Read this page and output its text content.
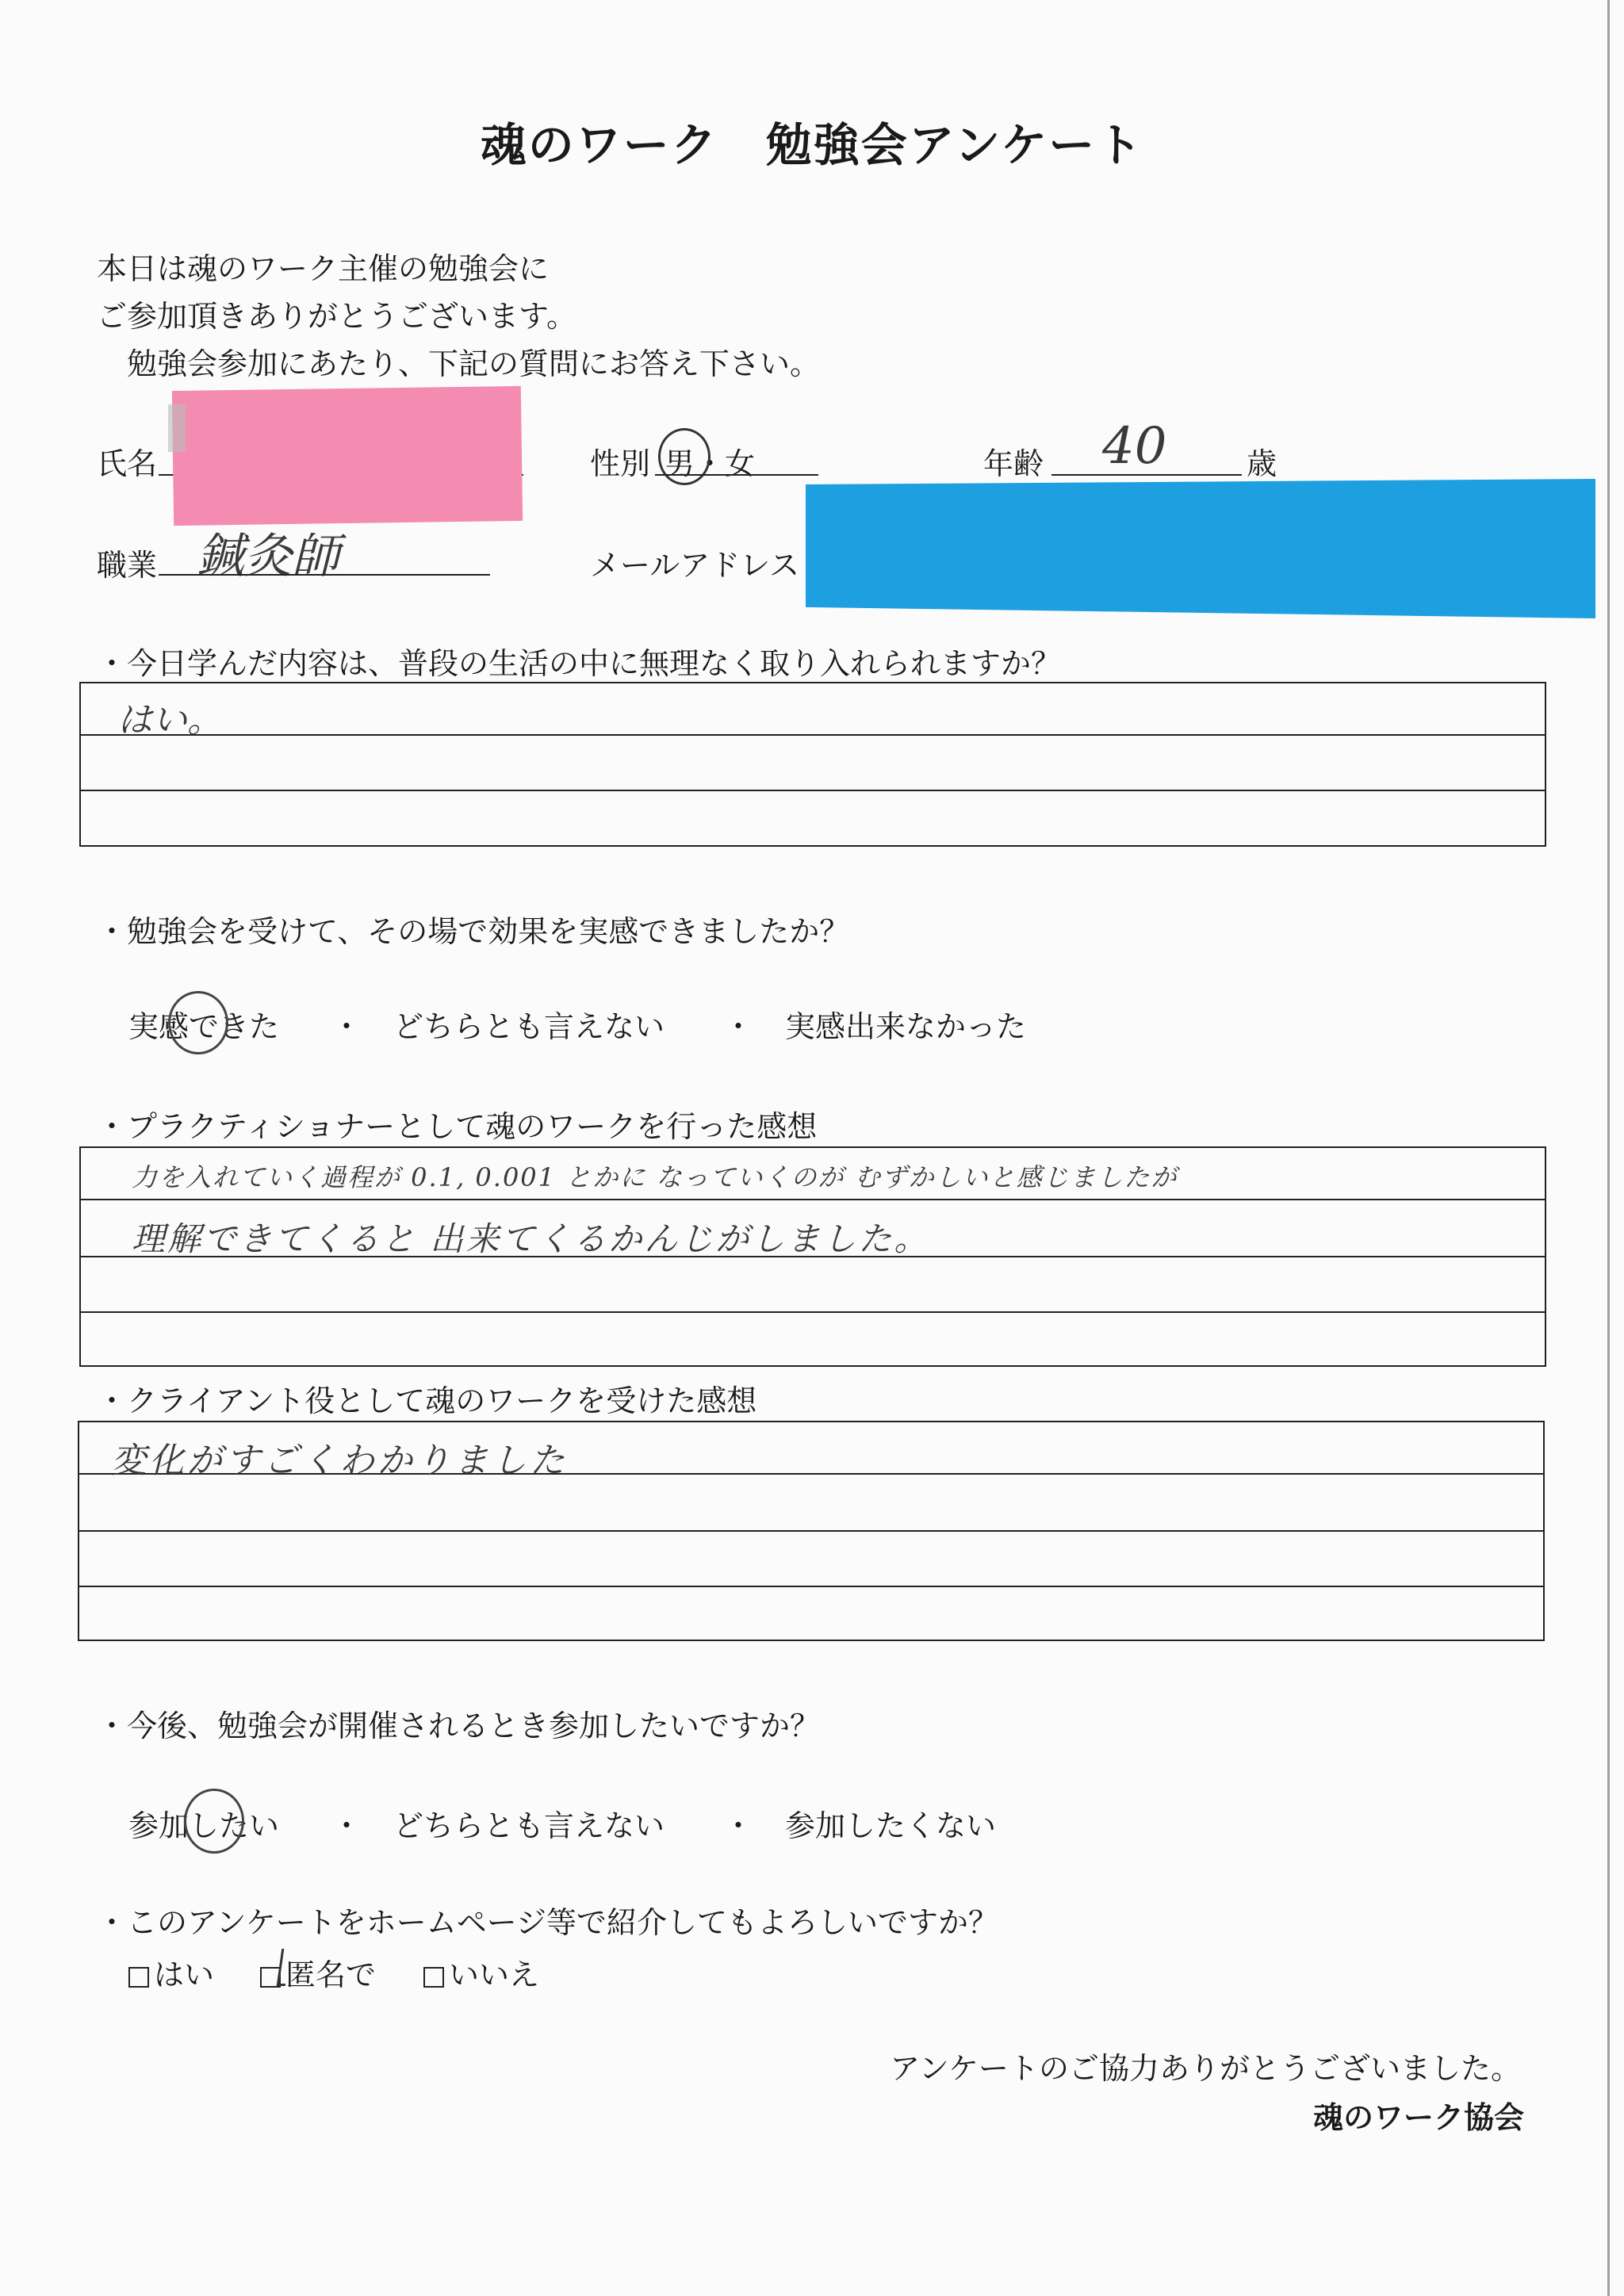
魂のワーク　勉強会アンケート
本日は魂のワーク主催の勉強会に
ご参加頂きありがとうございます。
勉強会参加にあたり、下記の質問にお答え下さい。
氏名	性別 男・女	年齢 40	歳
職業 鍼灸師	メールアドレス
・今日学んだ内容は、普段の生活の中に無理なく取り入れられますか？
はい。
・勉強会を受けて、その場で効果を実感できましたか？
実感できた ・ どちらとも言えない ・ 実感出来なかった
・プラクティショナーとして魂のワークを行った感想
力を入れていく過程が 0.1, 0.001 とかに なっていくのが むずかしいと感じましたが
理解できてくると 出来てくるかんじがしました。
・クライアント役として魂のワークを受けた感想
変化がすごくわかりました
・今後、勉強会が開催されるとき参加したいですか？
参加したい ・ どちらとも言えない ・ 参加したくない
・このアンケートをホームページ等で紹介してもよろしいですか？
はい	匿名で	いいえ
アンケートのご協力ありがとうございました。
魂のワーク協会
